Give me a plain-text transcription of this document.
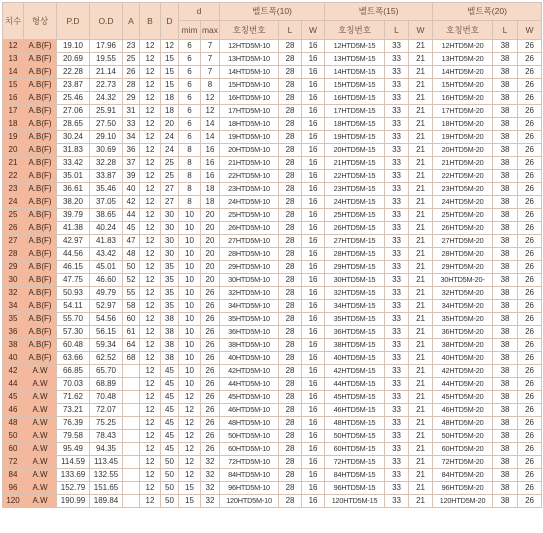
치수	형상	P.D	O.D	A	B	D	d		벨트폭(10)			벨트폭(15)			벨트폭(20)		
							mim	max	호칭번호	L	W	호칭번호	L	W	호칭번호	L	W
12	A.B(F)	19.10	17.96	23	12	12	6	7	12HTD5M-10	28	16	12HTD5M-15	33	21	12HTD5M-20	38	26
13	A.B(F)	20.69	19.55	25	12	15	6	7	13HTD5M-10	28	16	13HTD5M-15	33	21	13HTD5M-20	38	26
14	A.B(F)	22.28	21.14	26	12	15	6	7	14HTD5M-10	28	16	14HTD5M-15	33	21	14HTD5M-20	38	26
15	A.B(F)	23.87	22.73	28	12	15	6	8	15HTD5M-10	28	16	15HTD5M-15	33	21	15HTD5M-20	38	26
16	A.B(F)	25.46	24.32	29	12	18	6	12	16HTD5M-10	28	16	16HTD5M-15	33	21	16HTD5M-20	38	26
17	A.B(F)	27.06	25.91	31	12	18	6	12	17HTD5M-10	28	16	17HTD5M-15	33	21	17HTD5M-20	38	26
18	A.B(F)	28.65	27.50	33	12	20	6	14	18HTD5M-10	28	16	18HTD5M-15	33	21	18HTD5M-20	38	26
19	A.B(F)	30.24	29.10	34	12	24	6	14	19HTD5M-10	28	16	19HTD5M-15	33	21	19HTD5M-20	38	26
20	A.B(F)	31.83	30.69	36	12	24	8	16	20HTD5M-10	28	16	20HTD5M-15	33	21	20HTD5M-20	38	26
21	A.B(F)	33.42	32.28	37	12	25	8	16	21HTD5M-10	28	16	21HTD5M-15	33	21	21HTD5M-20	38	26
22	A.B(F)	35.01	33.87	39	12	25	8	16	22HTD5M-10	28	16	22HTD5M-15	33	21	22HTD5M-20	38	26
23	A.B(F)	36.61	35.46	40	12	27	8	18	23HTD5M-10	28	16	23HTD5M-15	33	21	23HTD5M-20	38	26
24	A.B(F)	38.20	37.05	42	12	27	8	18	24HTD5M-10	28	16	24HTD5M-15	33	21	24HTD5M-20	38	26
25	A.B(F)	39.79	38.65	44	12	30	10	20	25HTD5M-10	28	16	25HTD5M-15	33	21	25HTD5M-20	38	26
26	A.B(F)	41.38	40.24	45	12	30	10	20	26HTD5M-10	28	16	26HTD5M-15	33	21	26HTD5M-20	38	26
27	A.B(F)	42.97	41.83	47	12	30	10	20	27HTD5M-10	28	16	27HTD5M-15	33	21	27HTD5M-20	38	26
28	A.B(F)	44.56	43.42	48	12	30	10	20	28HTD5M-10	28	16	28HTD5M-15	33	21	28HTD5M-20	38	26
29	A.B(F)	46.15	45.01	50	12	35	10	20	29HTD5M-10	28	16	29HTD5M-15	33	21	29HTD5M-20	38	26
30	A.B(F)	47.75	46.60	52	12	35	10	20	30HTD5M-10	28	16	30HTD5M-15	33	21	30HTD5M-20-	38	26
32	A.B(F)	50.93	49.79	55	12	35	10	26	32HTD5M-10	28	16	32HTD5M-15	33	21	32HTD5M-20	38	26
34	A.B(F)	54.11	52.97	58	12	35	10	26	34HTD5M-10	28	16	34HTD5M-15	33	21	34HTD5M-20	38	26
35	A.B(F)	55.70	54.56	60	12	38	10	26	35HTD5M-10	28	16	35HTD5M-15	33	21	35HTD5M-20	38	26
36	A.B(F)	57.30	56.15	61	12	38	10	26	36HTD5M-10	28	16	36HTD5M-15	33	21	36HTD5M-20	38	26
38	A.B(F)	60.48	59.34	64	12	38	10	26	38HTD5M-10	28	16	38HTD5M-15	33	21	38HTD5M-20	38	26
40	A.B(F)	63.66	62.52	68	12	38	10	26	40HTD5M-10	28	16	40HTD5M-15	33	21	40HTD5M-20	38	26
42	A.W	66.85	65.70		12	45	10	26	42HTD5M-10	28	16	42HTD5M-15	33	21	42HTD5M-20	38	26
44	A.W	70.03	68.89		12	45	10	26	44HTD5M-10	28	16	44HTD5M-15	33	21	44HTD5M-20	38	26
45	A.W	71.62	70.48		12	45	12	26	45HTD5M-10	28	16	45HTD5M-15	33	21	45HTD5M-20	38	26
46	A.W	73.21	72.07		12	45	12	26	46HTD5M-10	28	16	46HTD5M-15	33	21	46HTD5M-20	38	26
48	A.W	76.39	75.25		12	45	12	26	48HTD5M-10	28	16	48HTD5M-15	33	21	48HTD5M-20	38	26
50	A.W	79.58	78.43		12	45	12	26	50HTD5M-10	28	16	50HTD5M-15	33	21	50HTD5M-20	38	26
60	A.W	95.49	94.35		12	45	12	26	60HTD5M-10	28	16	60HTD5M-15	33	21	60HTD5M-20	38	26
72	A.W	114.59	113.45		12	50	12	32	72HTD5M-10	28	16	72HTD5M-15	33	21	72HTD5M-20	38	26
84	A.W	133.69	132.55		12	50	12	32	84HTD5M-10	28	16	84HTD5M-15	33	21	84HTD5M-20	38	26
96	A.W	152.79	151.65		12	50	15	32	96HTD5M-10	28	16	96HTD5M-15	33	21	96HTD5M-20	38	26
120	A.W	190.99	189.84		12	50	15	32	120HTD5M-10	28	16	120HTD5M-15	33	21	120HTD5M-20	38	26
